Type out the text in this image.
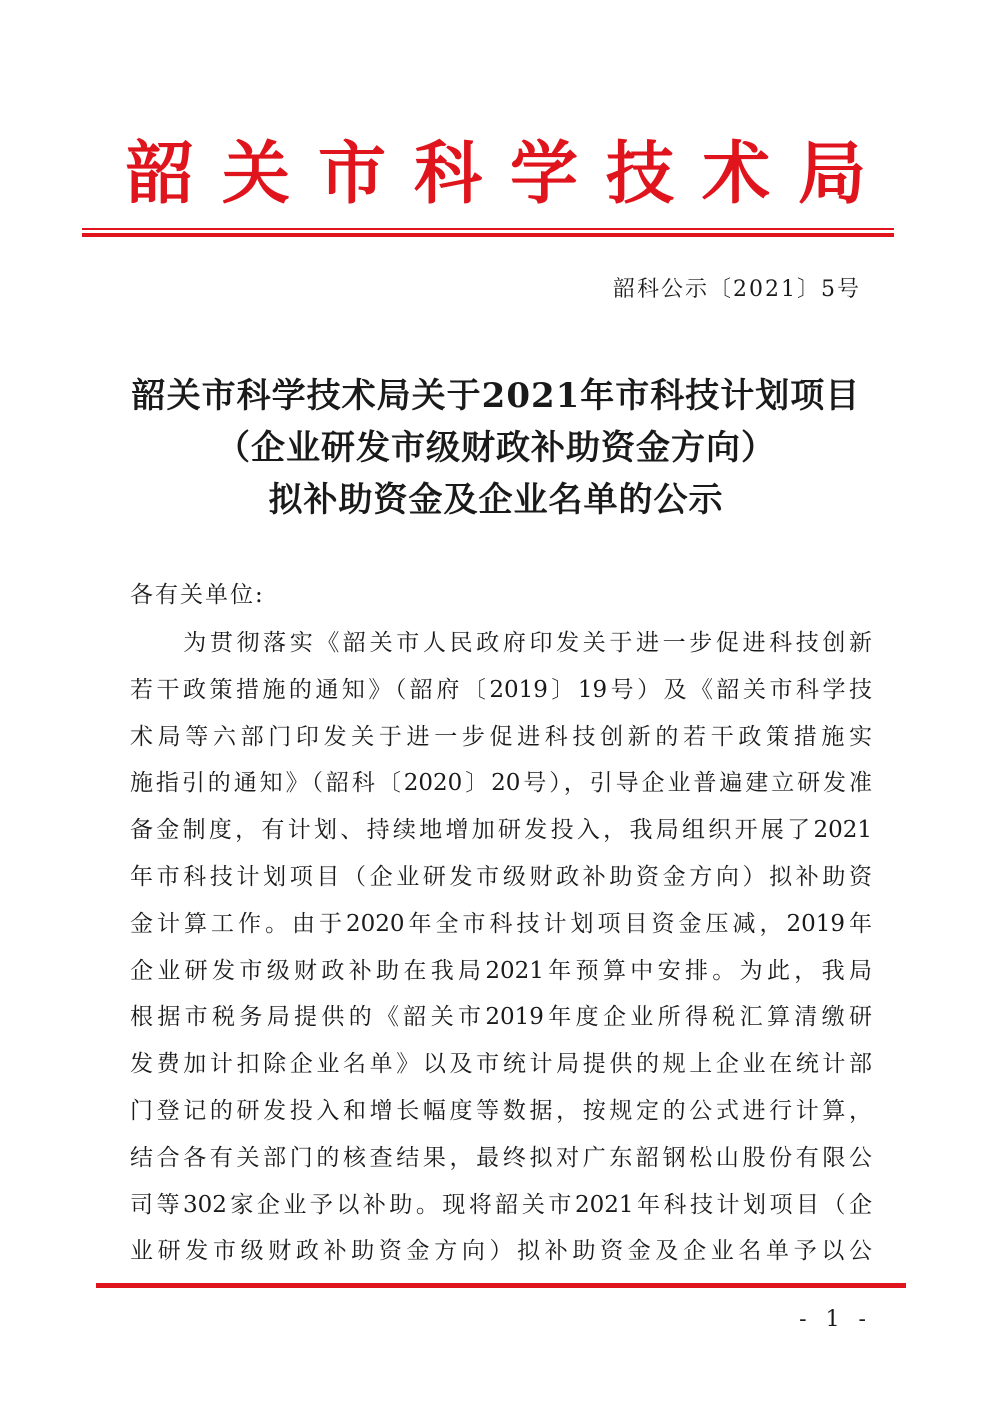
韶关市科学技术局
韶科公示〔2021〕5号
韶关市科学技术局关于2021年市科技计划项目
（企业研发市级财政补助资金方向）
拟补助资金及企业名单的公示
各有关单位:
　　为贯彻落实《韶关市人民政府印发关于进一步促进科技创新
若干政策措施的通知》（韶府〔2019〕19号）及《韶关市科学技
术局等六部门印发关于进一步促进科技创新的若干政策措施实
施指引的通知》（韶科〔2020〕20号），引导企业普遍建立研发准
备金制度，有计划、持续地增加研发投入，我局组织开展了2021
年市科技计划项目（企业研发市级财政补助资金方向）拟补助资
金计算工作。由于2020年全市科技计划项目资金压减，2019年
企业研发市级财政补助在我局2021年预算中安排。为此，我局
根据市税务局提供的《韶关市2019年度企业所得税汇算清缴研
发费加计扣除企业名单》以及市统计局提供的规上企业在统计部
门登记的研发投入和增长幅度等数据，按规定的公式进行计算，
结合各有关部门的核查结果，最终拟对广东韶钢松山股份有限公
司等302家企业予以补助。现将韶关市2021年科技计划项目（企
业研发市级财政补助资金方向）拟补助资金及企业名单予以公
- 1 -
